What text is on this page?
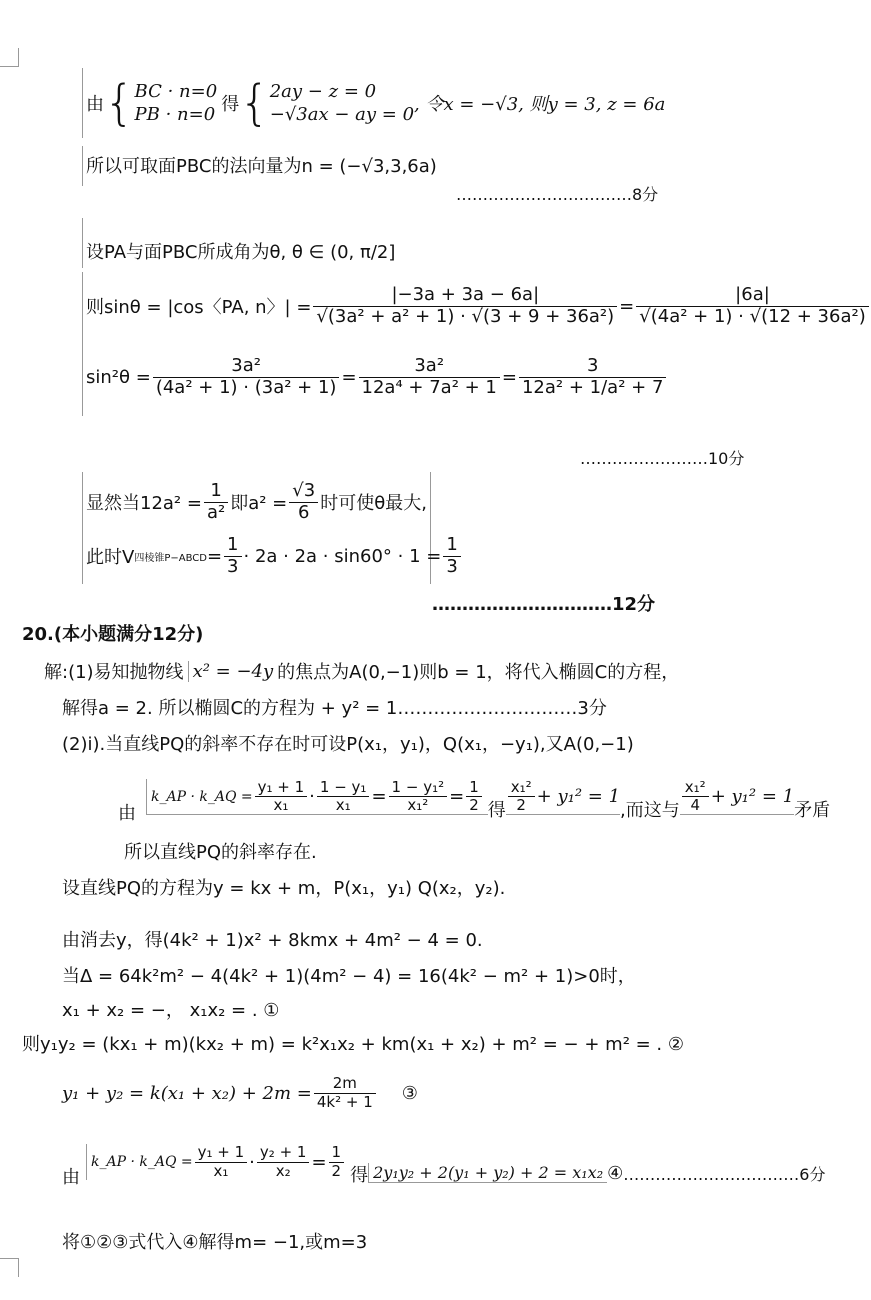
由 { BC · n=0
PB · n=0 得 { 2ay − z = 0
−√3ax − ay = 0 , 令x = −√3, 则y = 3, z = 6a
所以可取面PBC的法向量为n = (−√3,3,6a)
……………………………8分
设PA与面PBC所成角为θ, θ ∈ (0, π/2]
则sinθ = |cos〈PA, n〉| = $\frac{|-3a + 3a - 6a|}{\text{√(3a² + a² + 1) · √(3 + 9 + 36a²)}} = \frac{|6a|}{\text{√(4a² + 1) · √(12 + 36a²)}}$
$\sin^2\theta = \frac{\text{3a²}}{\text{(4a² + 1) · (3a² + 1)}} = \frac{\text{3a²}}{\text{12a⁴ + 7a² + 1}} = \frac{3}{\text{12a² + 1/a² + 7}}$
……………………10分
显然当$12a^2 = \frac{1}{\text{a²}}$ 即$a^2 = \frac{√3}{6}$ 时可使θ最大,
此时V 四棱锥P−ABCD = $\frac{1}{3} \cdot 2a \cdot 2a \cdot \sin 60^\circ \cdot 1 = \frac{1}{3}$
…………………………12分
20.(本小题满分12分)
解:(1)易知抛物线 x² = −4y 的焦点为A(0,−1)则b = 1，将代入椭圆C的方程，
解得a = 2. 所以椭圆C的方程为 + y² = 1…………………………3分
(2)i).当直线PQ的斜率不存在时可设P(x₁，y₁)，Q(x₁，−y₁),又A(0,−1)
由
k_AP · k_AQ = $\frac{\text{y₁ + 1}}{\text{x₁}} \cdot \frac{\text{1 − y₁}}{\text{x₁}} = \frac{\text{1 − y₁²}}{\text{x₁²}} = \frac{1}{2}$ 得 $\frac{\text{x₁²}}{2} + y_1^2 = 1$
,而这与 $\frac{\text{x₁²}}{4} + y_1^2 = 1$
矛盾
所以直线PQ的斜率存在.
设直线PQ的方程为y = kx + m，P(x₁，y₁) Q(x₂，y₂).
由消去y，得(4k² + 1)x² + 8kmx + 4m² − 4 = 0.
当Δ = 64k²m² − 4(4k² + 1)(4m² − 4) = 16(4k² − m² + 1)>0时，
x₁ + x₂ = −， x₁x₂ = . ①
则y₁y₂ = (kx₁ + m)(kx₂ + m) = k²x₁x₂ + km(x₁ + x₂) + m² = − + m² = . ②
$y_1 + y_2 = k(x_1 + x_2) + 2m = \frac{2m}{\text{4k² + 1}}$ ③
由
k_AP · k_AQ = $\frac{\text{y₁ + 1}}{\text{x₁}} \cdot \frac{\text{y₂ + 1}}{\text{x₂}} = \frac{1}{2}$ 得 2y₁y₂ + 2(y₁ + y₂) + 2 = x₁x₂ ④ ……………………………6分
将①②③式代入④解得m= −1,或m=3
